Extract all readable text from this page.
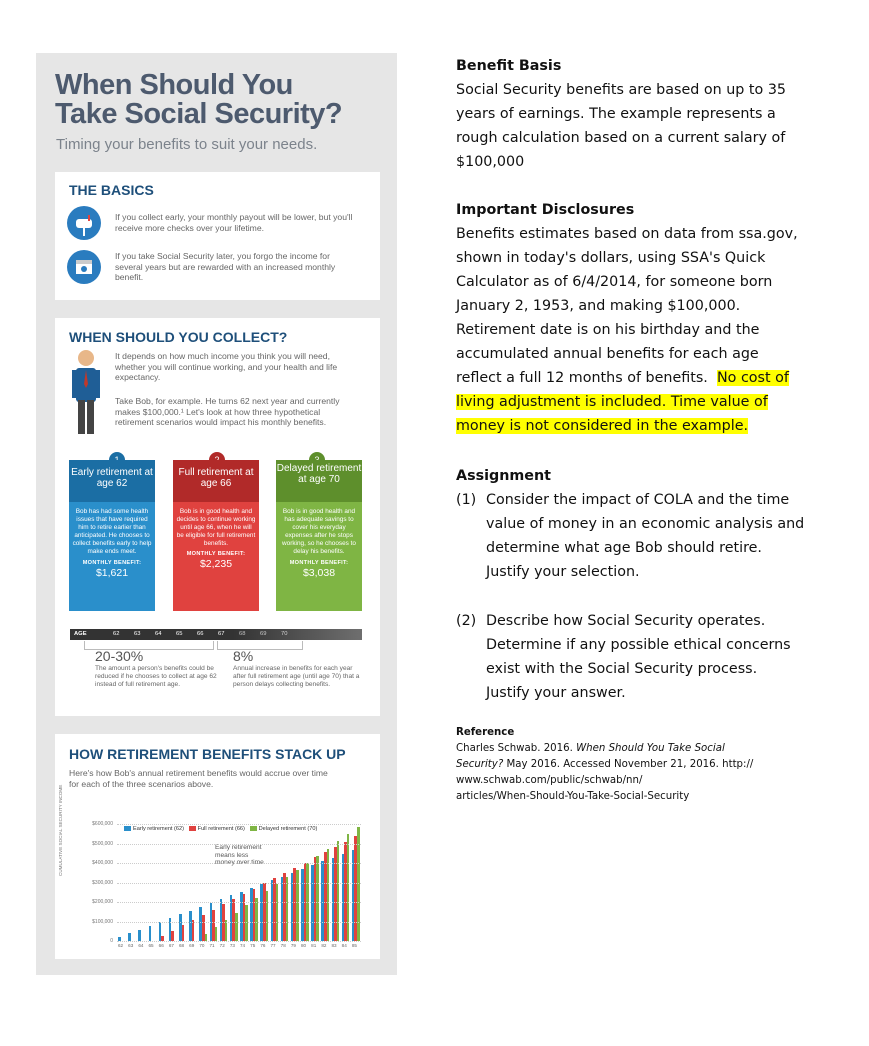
When Should You
Take Social Security?
Timing your benefits to suit your needs.
THE BASICS
If you collect early, your monthly payout will be lower, but you'll receive more checks over your lifetime.
If you take Social Security later, you forgo the income for several years but are rewarded with an increased monthly benefit.
WHEN SHOULD YOU COLLECT?
It depends on how much income you think you will need, whether you will continue working, and your health and life expectancy.
Take Bob, for example. He turns 62 next year and currently makes $100,000.¹ Let's look at how three hypothetical retirement scenarios would impact his monthly benefits.
Early retirement at age 62
Bob has had some health issues that have required him to retire earlier than anticipated. He chooses to collect benefits early to help make ends meet.
MONTHLY BENEFIT:
$1,621
Full retirement at age 66
Bob is in good health and decides to continue working until age 66, when he will be eligible for full retirement benefits.
MONTHLY BENEFIT:
$2,235
Delayed retirement at age 70
Bob is in good health and has adequate savings to cover his everyday expenses after he stops working, so he chooses to delay his benefits.
MONTHLY BENEFIT:
$3,038
AGE	62	63	64	65	66	67	68	69	70
20-30%
The amount a person's benefits could be reduced if he chooses to collect at age 62 instead of full retirement age.
8%
Annual increase in benefits for each year after full retirement age (until age 70) that a person delays collecting benefits.
HOW RETIREMENT BENEFITS STACK UP
Here's how Bob's annual retirement benefits would accrue over time for each of the three scenarios above.
CUMULATIVE SOCIAL SECURITY INCOME	Early retirement (62) Full retirement (66) Delayed retirement (70)
Early retirement
means less
money over time.
$600,000
$500,000
$400,000
$300,000
$200,000
$100,000
0
62 63 64 65 66 67 68 69 70 71 72 73 74 75 76 77 78 79 80 81 82 83 84 85
Benefit Basis
Social Security benefits are based on up to 35
years of earnings. The example represents a
rough calculation based on a current salary of
$100,000
Important Disclosures
Benefits estimates based on data from ssa.gov,
shown in today's dollars, using SSA's Quick
Calculator as of 6/4/2014, for someone born
January 2, 1953, and making $100,000.
Retirement date is on his birthday and the
accumulated annual benefits for each age
reflect a full 12 months of benefits.  No cost of
living adjustment is included. Time value of
money is not considered in the example.
Assignment
(1) Consider the impact of COLA and the time
value of money in an economic analysis and
determine what age Bob should retire.
Justify your selection.
(2) Describe how Social Security operates.
Determine if any possible ethical concerns
exist with the Social Security process.
Justify your answer.
Reference
Charles Schwab. 2016. When Should You Take Social
Security? May 2016. Accessed November 21, 2016. http://
www.schwab.com/public/schwab/nn/
articles/When-Should-You-Take-Social-Security
